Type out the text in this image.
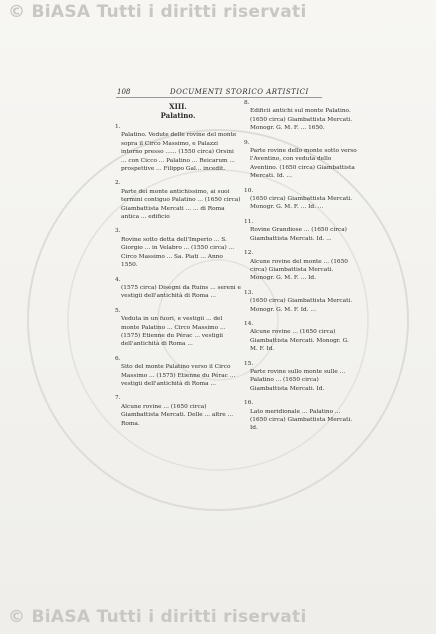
© BiASA Tutti i diritti riservati
108	DOCUMENTI STORICO ARTISTICI
XIII.
Palatino.
1.
Palatino. Vedute delle rovine del monte sopra il Circo Massimo, e Palazzi intorno presso ...... (1550 circa) Orsini ... con Cicco ... Palatino ... Reicarum ... prospettive ... Filippo Gal... incedit.
2.
Parte dei monte antichissimo, ai suoi termini contiguo Palatino ... (1650 circa) Giambattista Mercati ... ... di Roma antica ... edificio
3.
Rovine sotto detta dell'Imperio ... S. Giorgio ... in Velabro ... (1550 circa) ... Circo Massimo ... Sa. Piati ... Anno 1550.
4.
(1575 circa) Disegni da Ruins ... sereni e vestigii dell'antichità di Roma ...
5.
Veduta in un fuori, e vestigii ... del monte Palatino ... Circo Massimo ... (1575) Etienne du Pérac ... vestigii dell'antichità di Roma ...
6.
Sito del monte Palatino verso il Circo Massimo ... (1575) Etienne du Pérac ... vestigii dell'antichità di Roma ...
7.
Alcune rovine ... (1650 circa) Giambattista Mercati. Delle ... altre ... Roma.
8.
Edificii antichi sul monte Palatino. (1650 circa) Giambattista Mercati. Monogr. G. M. F. ... 1650.
9.
Parte rovine dello monte sotto verso l'Aventino, con veduta dello Aventino. (1650 circa) Giambattista Mercati. Id. ...
10.
(1650 circa) Giambattista Mercati. Monogr. G. M. F. ... Id. ...
11.
Rovine Grandiose ... (1650 circa) Giambattista Mercati. Id. ...
12.
Alcune rovine del monte ... (1650 circa) Giambattista Mercati. Monogr. G. M. F. ... Id.
13.
(1650 circa) Giambattista Mercati. Monogr. G. M. F. Id. ...
14.
Alcune rovine ... (1650 circa) Giambattista Mercati. Monogr. G. M. F. Id.
15.
Parte rovine sullo monte sulle ... Palatino ... (1650 circa) Giambattista Mercati. Id.
16.
Lato meridionale ... Palatino ... (1650 circa) Giambattista Mercati. Id.
© BiASA Tutti i diritti riservati
